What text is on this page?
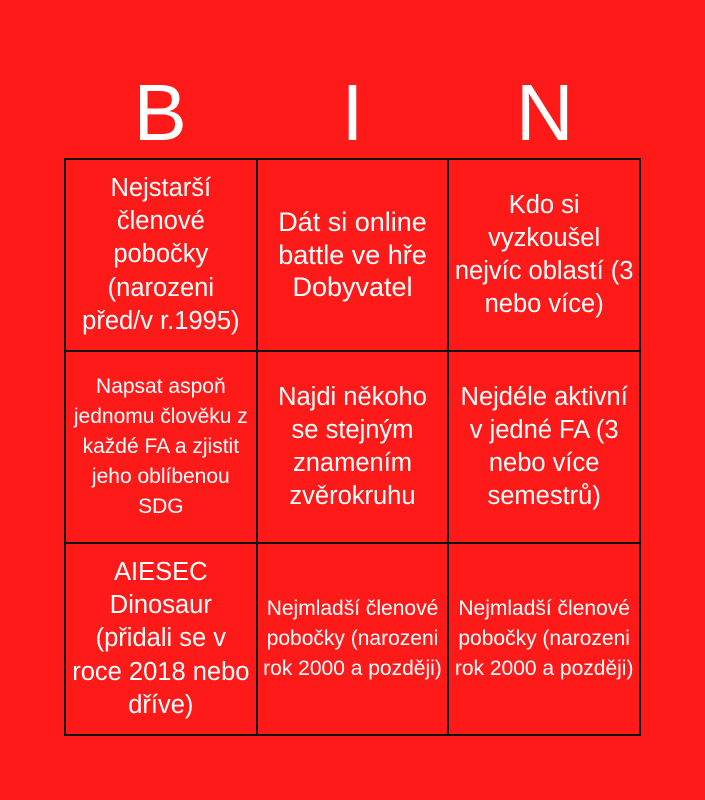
B	I	N
Nejstarší členové pobočky (narozeni před/v r.1995)
Dát si online battle ve hře Dobyvatel
Kdo si vyzkoušel nejvíc oblastí (3 nebo více)
Napsat aspoň jednomu člověku z každé FA a zjistit jeho oblíbenou SDG
Najdi někoho se stejným znamením zvěrokruhu
Nejdéle aktivní v jedné FA (3 nebo více semestrů)
AIESEC Dinosaur (přidali se v roce 2018 nebo dříve)
Nejmladší členové pobočky (narozeni rok 2000 a později)
Nejmladší členové pobočky (narozeni rok 2000 a později)
